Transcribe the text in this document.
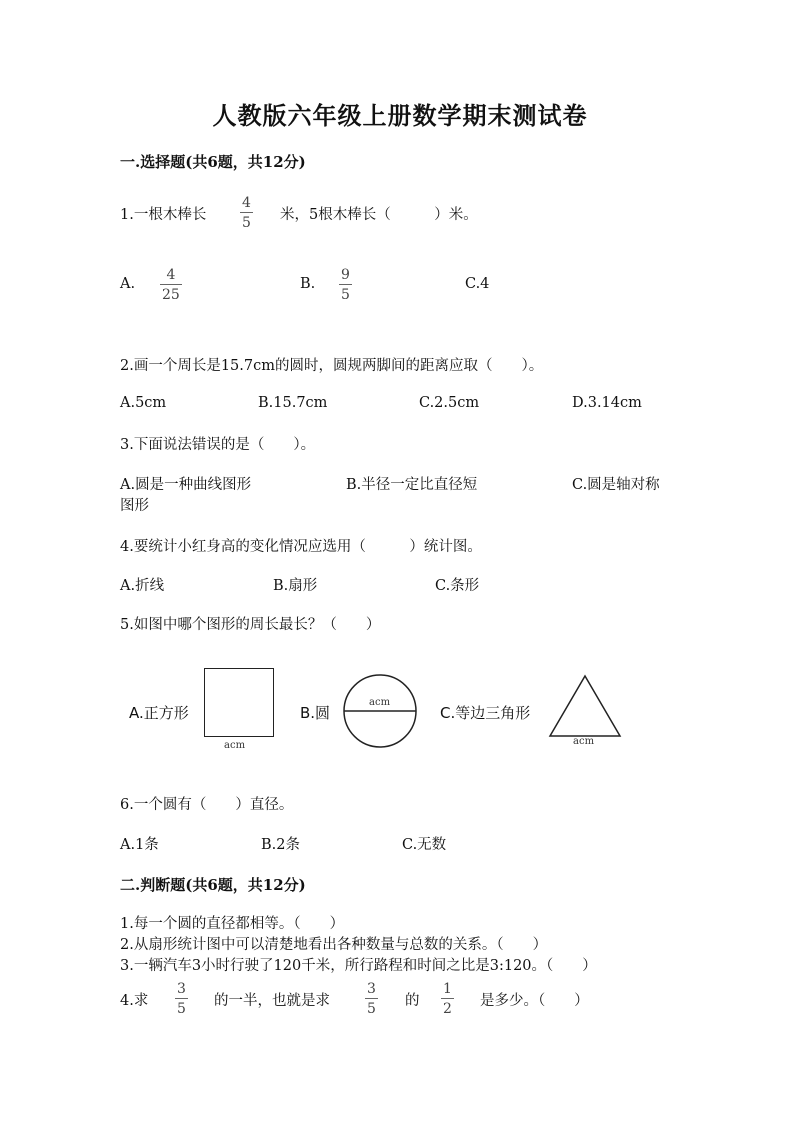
人教版六年级上册数学期末测试卷
一.选择题(共6题，共12分)
1.一根木棒长
4
5 米，5根木棒长（　　　）米。
A.
4
25
B.
9
5
C.4
2.画一个周长是15.7cm的圆时，圆规两脚间的距离应取（　　）。
A.5cm	B.15.7cm	C.2.5cm	D.3.14cm
3.下面说法错误的是（　　）。
A.圆是一种曲线图形	B.半径一定比直径短	C.圆是轴对称
图形
4.要统计小红身高的变化情况应选用（　　　）统计图。
A.折线	B.扇形	C.条形
5.如图中哪个图形的周长最长？（　　）
A.正方形
acm
B.圆
acm
C.等边三角形
acm
6.一个圆有（　　）直径。
A.1条	B.2条	C.无数
二.判断题(共6题，共12分)
1.每一个圆的直径都相等。（　　）
2.从扇形统计图中可以清楚地看出各种数量与总数的关系。（　　）
3.一辆汽车3小时行驶了120千米，所行路程和时间之比是3:120。（　　）
4.求
3
5 的一半，也就是求
3
5 的
1
2 是多少。（　　）
